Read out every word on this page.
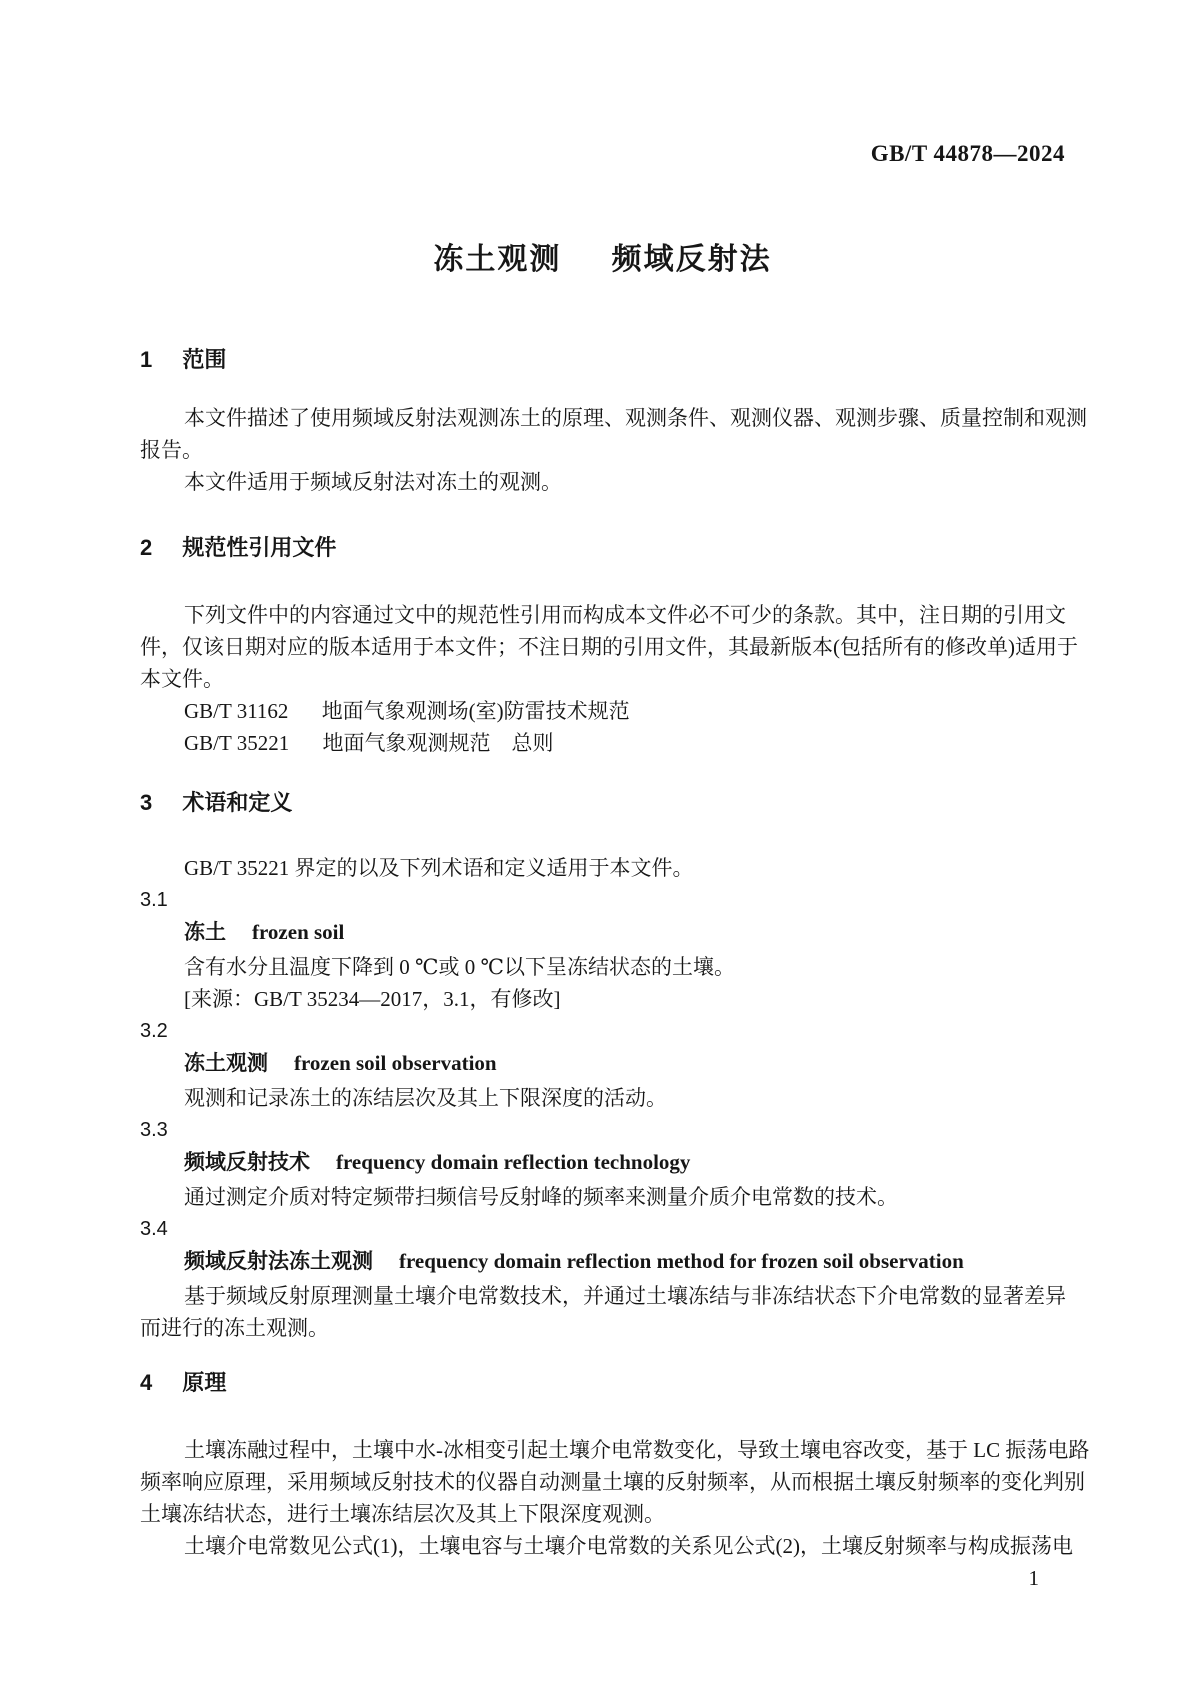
GB/T 44878—2024
冻土观测 频域反射法
1 范围
本文件描述了使用频域反射法观测冻土的原理、观测条件、观测仪器、观测步骤、质量控制和观测
报告。
本文件适用于频域反射法对冻土的观测。
2 规范性引用文件
下列文件中的内容通过文中的规范性引用而构成本文件必不可少的条款。其中，注日期的引用文
件，仅该日期对应的版本适用于本文件；不注日期的引用文件，其最新版本(包括所有的修改单)适用于
本文件。
GB/T 31162 地面气象观测场(室)防雷技术规范
GB/T 35221 地面气象观测规范　总则
3 术语和定义
GB/T 35221 界定的以及下列术语和定义适用于本文件。
3.1
冻土 frozen soil
含有水分且温度下降到 0 ℃或 0 ℃以下呈冻结状态的土壤。
[来源：GB/T 35234—2017，3.1，有修改]
3.2
冻土观测 frozen soil observation
观测和记录冻土的冻结层次及其上下限深度的活动。
3.3
频域反射技术 frequency domain reflection technology
通过测定介质对特定频带扫频信号反射峰的频率来测量介质介电常数的技术。
3.4
频域反射法冻土观测 frequency domain reflection method for frozen soil observation
基于频域反射原理测量土壤介电常数技术，并通过土壤冻结与非冻结状态下介电常数的显著差异
而进行的冻土观测。
4 原理
土壤冻融过程中，土壤中水-冰相变引起土壤介电常数变化，导致土壤电容改变，基于 LC 振荡电路
频率响应原理，采用频域反射技术的仪器自动测量土壤的反射频率，从而根据土壤反射频率的变化判别
土壤冻结状态，进行土壤冻结层次及其上下限深度观测。
土壤介电常数见公式(1)，土壤电容与土壤介电常数的关系见公式(2)，土壤反射频率与构成振荡电
1
